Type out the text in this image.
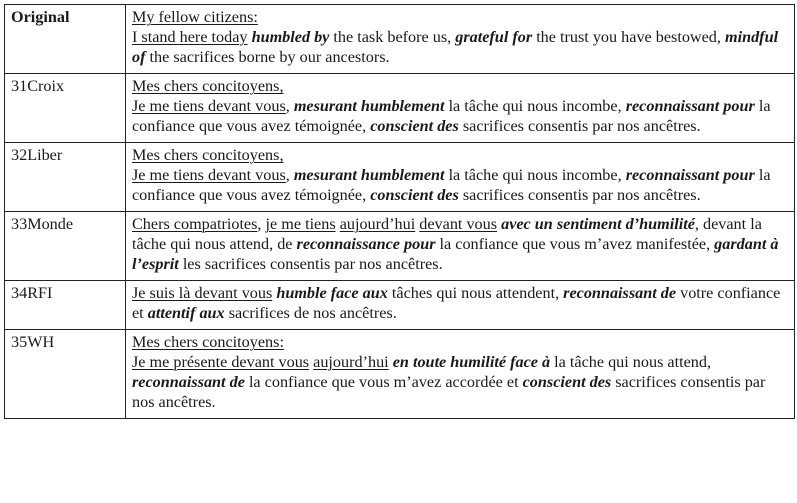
Original	My fellow citizens:
I stand here today humbled by the task before us, grateful for the trust you have bestowed, mindful of the sacrifices borne by our ancestors.
31Croix	Mes chers concitoyens,
Je me tiens devant vous, mesurant humblement la tâche qui nous incombe, reconnaissant pour la confiance que vous avez témoignée, conscient des sacrifices consentis par nos ancêtres.
32Liber	Mes chers concitoyens,
Je me tiens devant vous, mesurant humblement la tâche qui nous incombe, reconnaissant pour la confiance que vous avez témoignée, conscient des sacrifices consentis par nos ancêtres.
33Monde	Chers compatriotes, je me tiens aujourd’hui devant vous avec un sentiment d’humilité, devant la tâche qui nous attend, de reconnaissance pour la confiance que vous m’avez manifestée, gardant à l’esprit les sacrifices consentis par nos ancêtres.
34RFI	Je suis là devant vous humble face aux tâches qui nous attendent, reconnaissant de votre confiance et attentif aux sacrifices de nos ancêtres.
35WH	Mes chers concitoyens:
Je me présente devant vous aujourd’hui en toute humilité face à la tâche qui nous attend, reconnaissant de la confiance que vous m’avez accordée et conscient des sacrifices consentis par nos ancêtres.
